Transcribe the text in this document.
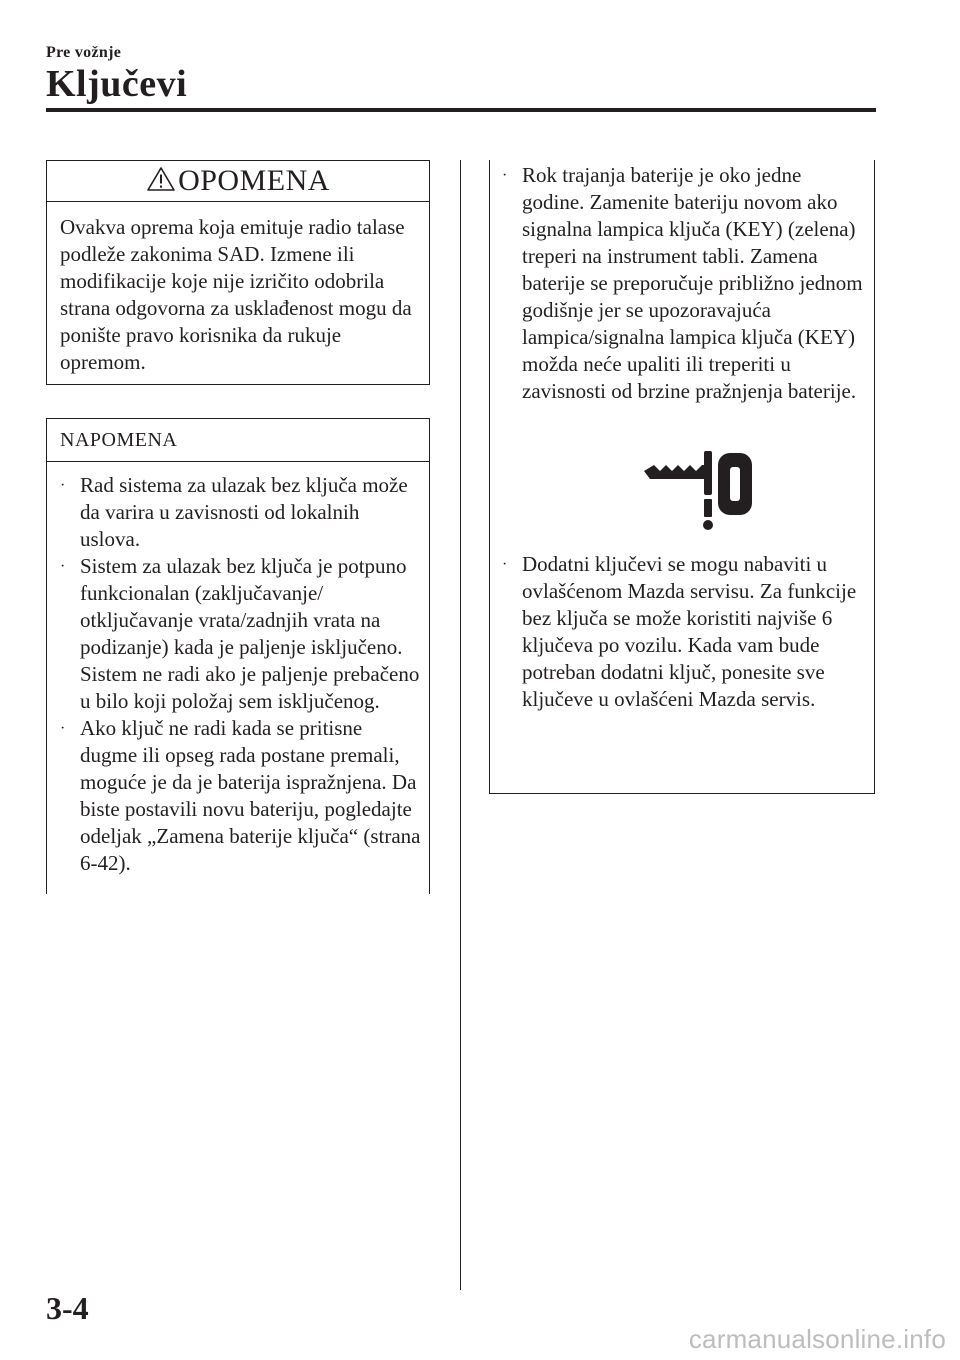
Pre vožnje
Ključevi
OPOMENA
Ovakva oprema koja emituje radio talase podleže zakonima SAD. Izmene ili modifikacije koje nije izričito odobrila strana odgovorna za usklađenost mogu da ponište pravo korisnika da rukuje opremom.
NAPOMENA
· Rad sistema za ulazak bez ključa može da varira u zavisnosti od lokalnih uslova.
· Sistem za ulazak bez ključa je potpuno funkcionalan (zaključavanje/ otključavanje vrata/zadnjih vrata na podizanje) kada je paljenje isključeno. Sistem ne radi ako je paljenje prebačeno u bilo koji položaj sem isključenog.
· Ako ključ ne radi kada se pritisne dugme ili opseg rada postane premali, moguće je da je baterija ispražnjena. Da biste postavili novu bateriju, pogledajte odeljak „Zamena baterije ključa“ (strana 6-42).
· Rok trajanja baterije je oko jedne godine. Zamenite bateriju novom ako signalna lampica ključa (KEY) (zelena) treperi na instrument tabli. Zamena baterije se preporučuje približno jednom godišnje jer se upozoravajuća lampica/signalna lampica ključa (KEY) možda neće upaliti ili treperiti u zavisnosti od brzine pražnjenja baterije.
· Dodatni ključevi se mogu nabaviti u ovlašćenom Mazda servisu. Za funkcije bez ključa se može koristiti najviše 6 ključeva po vozilu. Kada vam bude potreban dodatni ključ, ponesite sve ključeve u ovlašćeni Mazda servis.
3-4
carmanualsonline.info
